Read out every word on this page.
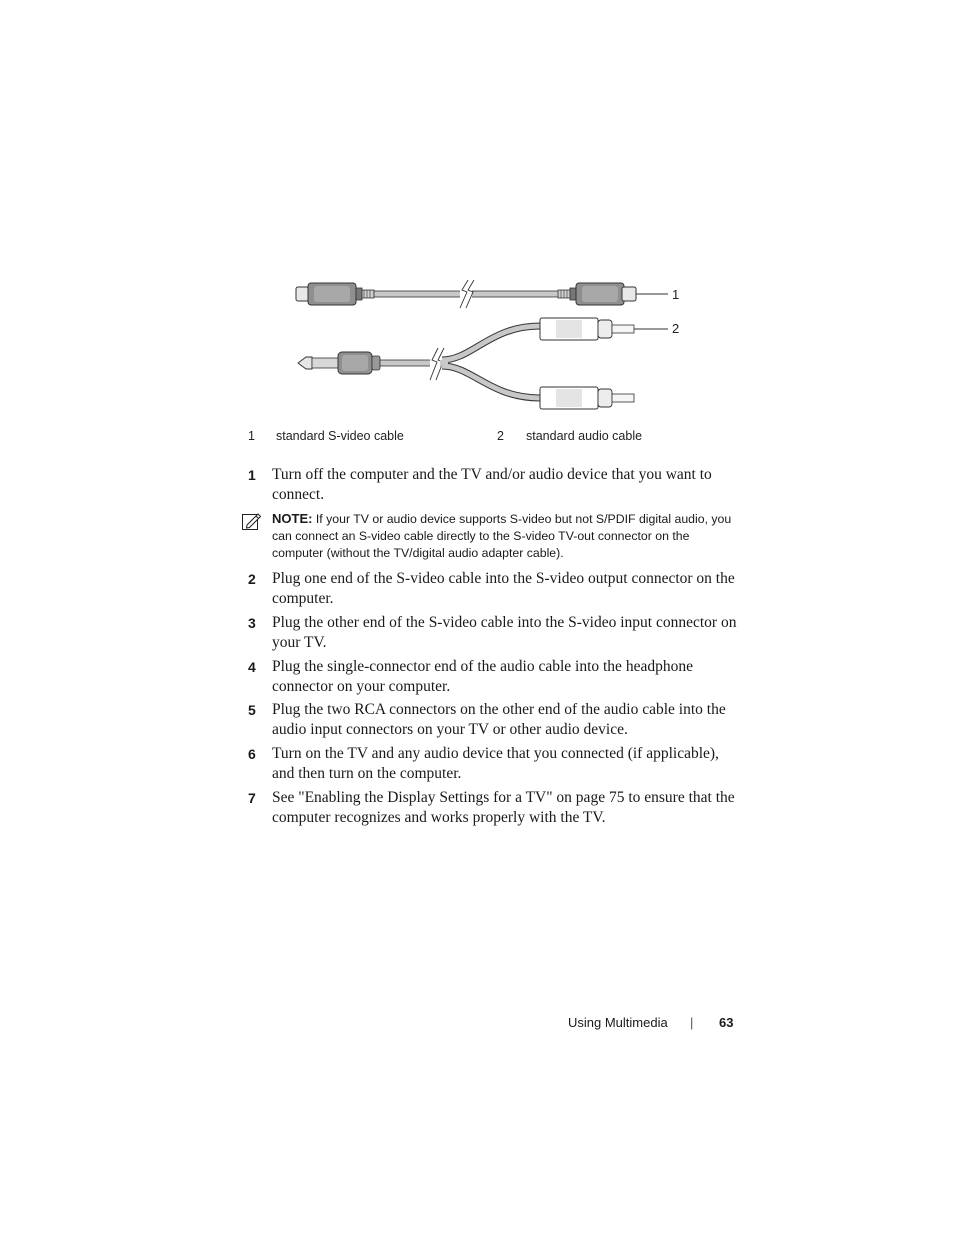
1
2
1 standard S-video cable	2 standard audio cable
1 Turn off the computer and the TV and/or audio device that you want to connect.
NOTE: If your TV or audio device supports S-video but not S/PDIF digital audio, you can connect an S-video cable directly to the S-video TV-out connector on the computer (without the TV/digital audio adapter cable).
2 Plug one end of the S-video cable into the S-video output connector on the computer.
3 Plug the other end of the S-video cable into the S-video input connector on your TV.
4 Plug the single-connector end of the audio cable into the headphone connector on your computer.
5 Plug the two RCA connectors on the other end of the audio cable into the audio input connectors on your TV or other audio device.
6 Turn on the TV and any audio device that you connected (if applicable), and then turn on the computer.
7 See "Enabling the Display Settings for a TV" on page 75 to ensure that the computer recognizes and works properly with the TV.
Using Multimedia | 63
